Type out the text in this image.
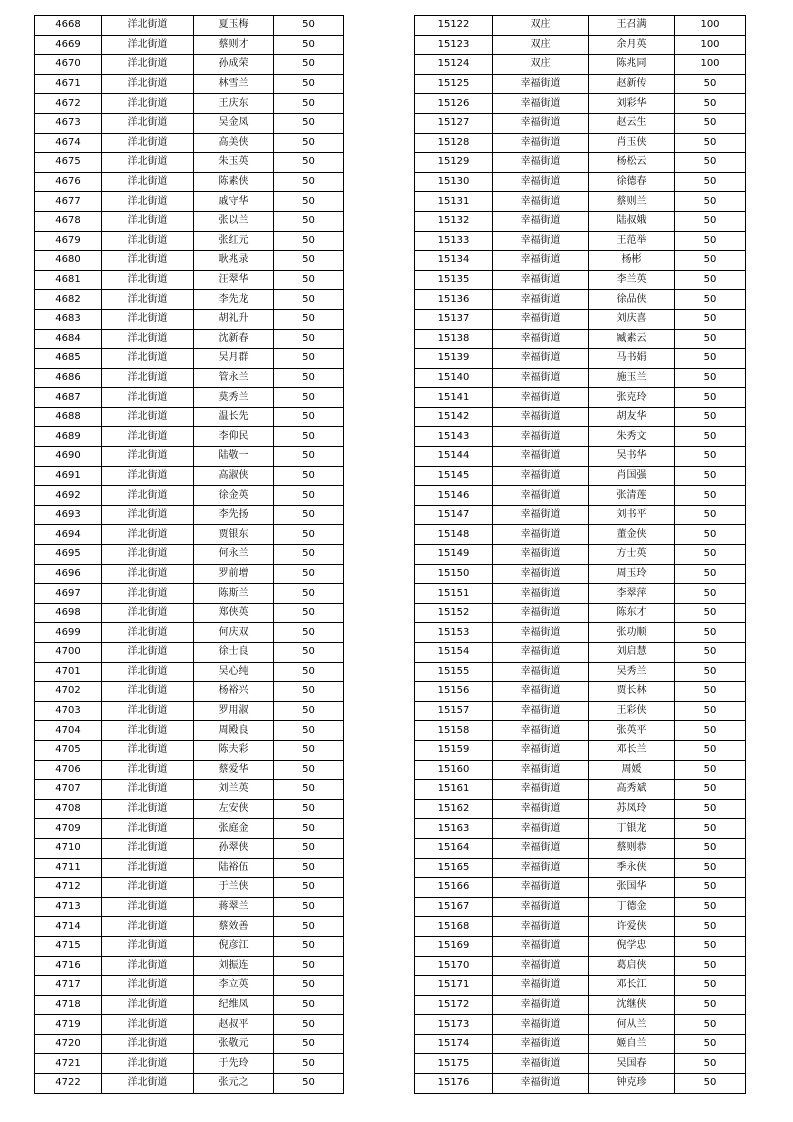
4668	洋北街道	夏玉梅	50
4669	洋北街道	蔡则才	50
4670	洋北街道	孙成荣	50
4671	洋北街道	林雪兰	50
4672	洋北街道	王庆东	50
4673	洋北街道	吴金凤	50
4674	洋北街道	高美侠	50
4675	洋北街道	朱玉英	50
4676	洋北街道	陈素侠	50
4677	洋北街道	戚守华	50
4678	洋北街道	张以兰	50
4679	洋北街道	张红元	50
4680	洋北街道	耿兆录	50
4681	洋北街道	汪翠华	50
4682	洋北街道	李先龙	50
4683	洋北街道	胡礼升	50
4684	洋北街道	沈新春	50
4685	洋北街道	吴月群	50
4686	洋北街道	管永兰	50
4687	洋北街道	莫秀兰	50
4688	洋北街道	温长先	50
4689	洋北街道	李仰民	50
4690	洋北街道	陆敬一	50
4691	洋北街道	高淑侠	50
4692	洋北街道	徐金英	50
4693	洋北街道	李先扬	50
4694	洋北街道	贾银东	50
4695	洋北街道	何永兰	50
4696	洋北街道	罗前增	50
4697	洋北街道	陈斯兰	50
4698	洋北街道	郑侠英	50
4699	洋北街道	何庆双	50
4700	洋北街道	徐士良	50
4701	洋北街道	吴心纯	50
4702	洋北街道	杨裕兴	50
4703	洋北街道	罗用淑	50
4704	洋北街道	周殿良	50
4705	洋北街道	陈夫彩	50
4706	洋北街道	蔡爱华	50
4707	洋北街道	刘兰英	50
4708	洋北街道	左安侠	50
4709	洋北街道	张庭金	50
4710	洋北街道	孙翠侠	50
4711	洋北街道	陆裕伍	50
4712	洋北街道	于兰侠	50
4713	洋北街道	蒋翠兰	50
4714	洋北街道	蔡效善	50
4715	洋北街道	倪彦江	50
4716	洋北街道	刘振连	50
4717	洋北街道	李立英	50
4718	洋北街道	纪维凤	50
4719	洋北街道	赵叔平	50
4720	洋北街道	张敬元	50
4721	洋北街道	于先玲	50
4722	洋北街道	张元之	50
15122	双庄	王召满	100
15123	双庄	余月英	100
15124	双庄	陈兆同	100
15125	幸福街道	赵新传	50
15126	幸福街道	刘彩华	50
15127	幸福街道	赵云生	50
15128	幸福街道	肖玉侠	50
15129	幸福街道	杨松云	50
15130	幸福街道	徐德春	50
15131	幸福街道	蔡则兰	50
15132	幸福街道	陆叔娥	50
15133	幸福街道	王范举	50
15134	幸福街道	杨彬	50
15135	幸福街道	李兰英	50
15136	幸福街道	徐品侠	50
15137	幸福街道	刘庆喜	50
15138	幸福街道	臧素云	50
15139	幸福街道	马书娟	50
15140	幸福街道	施玉兰	50
15141	幸福街道	张克玲	50
15142	幸福街道	胡友华	50
15143	幸福街道	朱秀文	50
15144	幸福街道	吴书华	50
15145	幸福街道	肖国强	50
15146	幸福街道	张清莲	50
15147	幸福街道	刘书平	50
15148	幸福街道	董金侠	50
15149	幸福街道	方士英	50
15150	幸福街道	周玉玲	50
15151	幸福街道	李翠萍	50
15152	幸福街道	陈东才	50
15153	幸福街道	张功顺	50
15154	幸福街道	刘启慧	50
15155	幸福街道	吴秀兰	50
15156	幸福街道	贾长林	50
15157	幸福街道	王彩侠	50
15158	幸福街道	张英平	50
15159	幸福街道	邓长兰	50
15160	幸福街道	周媛	50
15161	幸福街道	高秀斌	50
15162	幸福街道	苏凤玲	50
15163	幸福街道	丁银龙	50
15164	幸福街道	蔡则恭	50
15165	幸福街道	季永侠	50
15166	幸福街道	张国华	50
15167	幸福街道	丁德金	50
15168	幸福街道	许爱侠	50
15169	幸福街道	倪学忠	50
15170	幸福街道	葛启侠	50
15171	幸福街道	邓长江	50
15172	幸福街道	沈继侠	50
15173	幸福街道	何从兰	50
15174	幸福街道	姬自兰	50
15175	幸福街道	吴国春	50
15176	幸福街道	钟克珍	50
